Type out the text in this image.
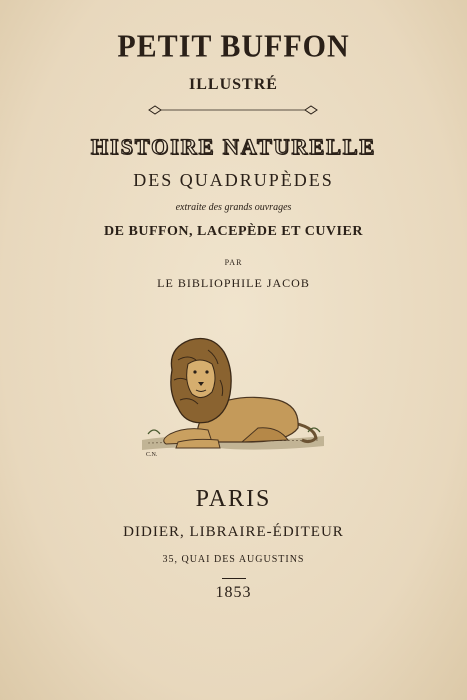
PETIT BUFFON
ILLUSTRÉ
HISTOIRE NATURELLE
DES QUADRUPÈDES
extraite des grands ouvrages
DE BUFFON, LACEPÈDE ET CUVIER
PAR
LE BIBLIOPHILE JACOB
C.N.
PARIS
DIDIER, LIBRAIRE-ÉDITEUR
35, QUAI DES AUGUSTINS
1853
